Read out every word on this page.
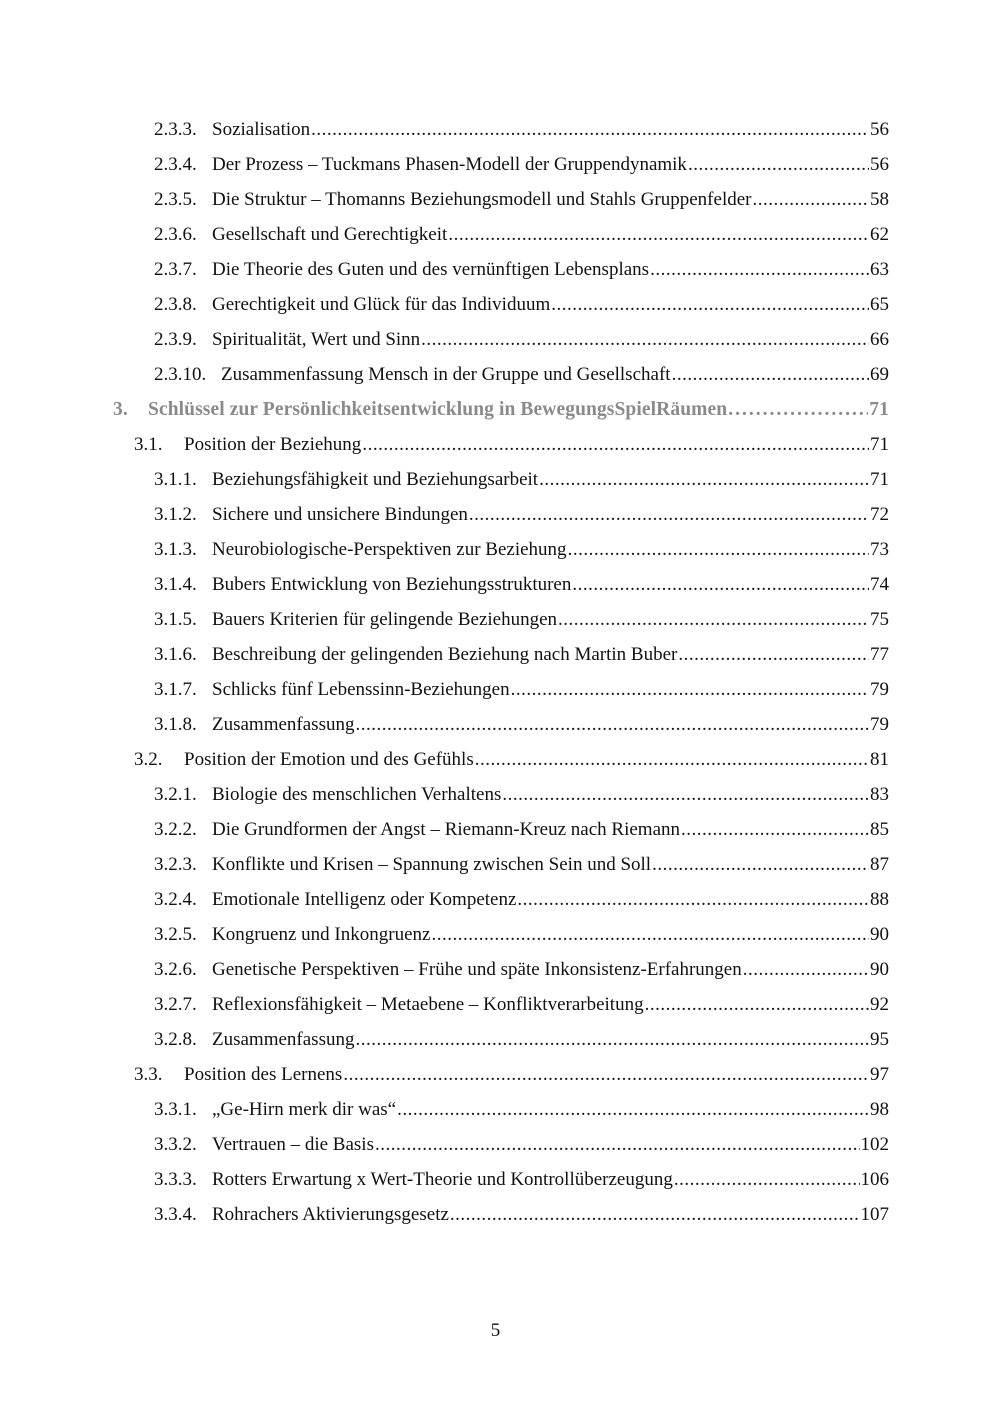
2.3.3. Sozialisation .....	56
2.3.4. Der Prozess – Tuckmans Phasen-Modell der Gruppendynamik .....	56
2.3.5. Die Struktur – Thomanns Beziehungsmodell und Stahls Gruppenfelder .....	58
2.3.6. Gesellschaft und Gerechtigkeit .....	62
2.3.7. Die Theorie des Guten und des vernünftigen Lebensplans .....	63
2.3.8. Gerechtigkeit und Glück für das Individuum .....	65
2.3.9. Spiritualität, Wert und Sinn .....	66
2.3.10. Zusammenfassung Mensch in der Gruppe und Gesellschaft .....	69
3.	Schlüssel zur Persönlichkeitsentwicklung in BewegungsSpielRäumen .....	71
3.1.	Position der Beziehung .....	71
3.1.1. Beziehungsfähigkeit und Beziehungsarbeit .....	71
3.1.2. Sichere und unsichere Bindungen .....	72
3.1.3. Neurobiologische-Perspektiven zur Beziehung .....	73
3.1.4. Bubers Entwicklung von Beziehungsstrukturen .....	74
3.1.5. Bauers Kriterien für gelingende Beziehungen .....	75
3.1.6. Beschreibung der gelingenden Beziehung nach Martin Buber .....	77
3.1.7. Schlicks fünf Lebenssinn-Beziehungen .....	79
3.1.8. Zusammenfassung .....	79
3.2.	Position der Emotion und des Gefühls .....	81
3.2.1. Biologie des menschlichen Verhaltens .....	83
3.2.2. Die Grundformen der Angst – Riemann-Kreuz nach Riemann .....	85
3.2.3. Konflikte und Krisen – Spannung zwischen Sein und Soll .....	87
3.2.4. Emotionale Intelligenz oder Kompetenz .....	88
3.2.5. Kongruenz und Inkongruenz .....	90
3.2.6. Genetische Perspektiven – Frühe und späte Inkonsistenz-Erfahrungen .....	90
3.2.7. Reflexionsfähigkeit – Metaebene – Konfliktverarbeitung .....	92
3.2.8. Zusammenfassung .....	95
3.3.	Position des Lernens .....	97
3.3.1. „Ge-Hirn merk dir was“ .....	98
3.3.2. Vertrauen – die Basis .....	102
3.3.3. Rotters Erwartung x Wert-Theorie und Kontrollüberzeugung .....	106
3.3.4. Rohrachers Aktivierungsgesetz .....	107
5
